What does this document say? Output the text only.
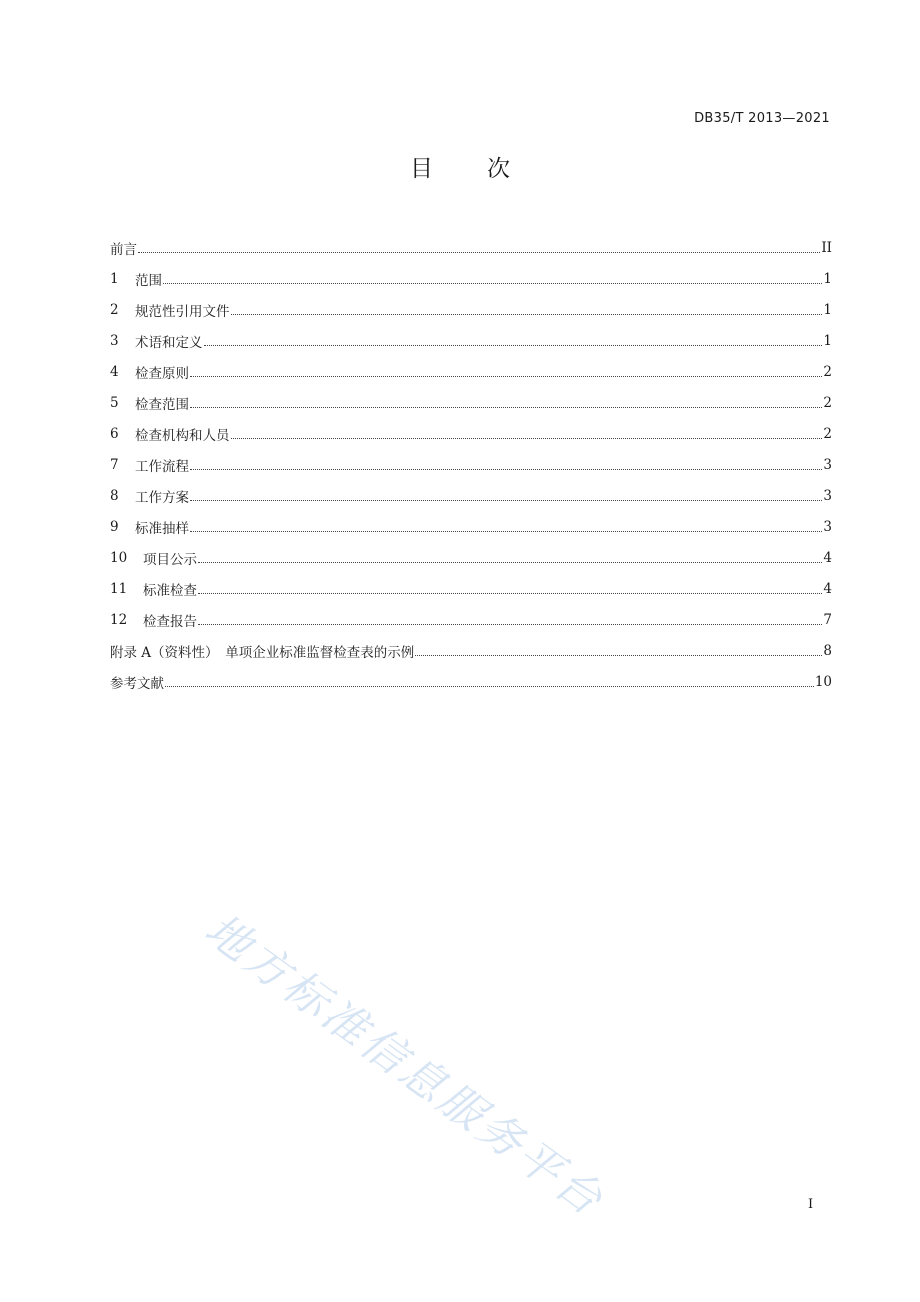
DB35/T 2013—2021
目 次
前言	II
1	范围	1
2	规范性引用文件	1
3	术语和定义	1
4	检查原则	2
5	检查范围	2
6	检查机构和人员	2
7	工作流程	3
8	工作方案	3
9	标准抽样	3
10	项目公示	4
11	标准检查	4
12	检查报告	7
附录 A（资料性）　单项企业标准监督检查表的示例	8
参考文献	10
I
地方标准信息服务平台
